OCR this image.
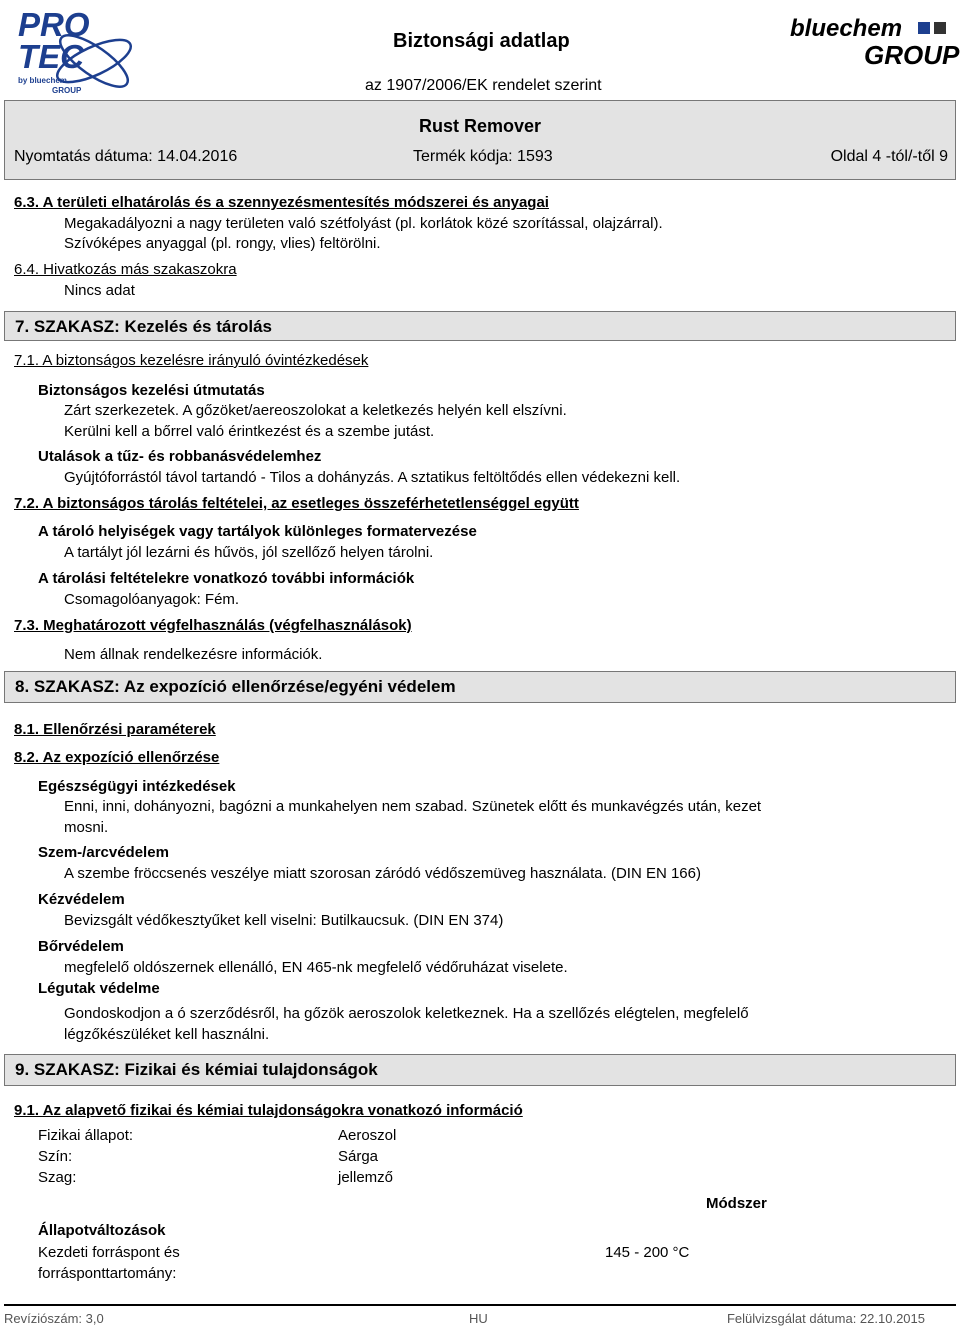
PRO
TEC
by bluechem
GROUP
Biztonsági adatlap	bluechem
GROUP
az 1907/2006/EK rendelet szerint
Rust Remover
Nyomtatás dátuma: 14.04.2016	Termék kódja: 1593	Oldal 4 -tól/-től 9
6.3. A területi elhatárolás és a szennyezésmentesítés módszerei és anyagai
Megakadályozni a nagy területen való szétfolyást (pl. korlátok közé szorítással, olajzárral).
Szívóképes anyaggal (pl. rongy, vlies) feltörölni.
6.4. Hivatkozás más szakaszokra
Nincs adat
7. SZAKASZ: Kezelés és tárolás
7.1. A biztonságos kezelésre irányuló óvintézkedések
Biztonságos kezelési útmutatás
Zárt szerkezetek. A gőzöket/aereoszolokat a keletkezés helyén kell elszívni.
Kerülni kell a bőrrel való érintkezést és a szembe jutást.
Utalások a tűz- és robbanásvédelemhez
Gyújtóforrástól távol tartandó - Tilos a dohányzás. A sztatikus feltöltődés ellen védekezni kell.
7.2. A biztonságos tárolás feltételei, az esetleges összeférhetetlenséggel együtt
A tároló helyiségek vagy tartályok különleges formatervezése
A tartályt jól lezárni és hűvös, jól szellőző helyen tárolni.
A tárolási feltételekre vonatkozó további információk
Csomagolóanyagok: Fém.
7.3. Meghatározott végfelhasználás (végfelhasználások)
Nem állnak rendelkezésre információk.
8. SZAKASZ: Az expozíció ellenőrzése/egyéni védelem
8.1. Ellenőrzési paraméterek
8.2. Az expozíció ellenőrzése
Egészségügyi intézkedések
Enni, inni, dohányozni, bagózni a munkahelyen nem szabad. Szünetek előtt és munkavégzés után, kezet
mosni.
Szem-/arcvédelem
A szembe fröccsenés veszélye miatt szorosan záródó védőszemüveg használata. (DIN EN 166)
Kézvédelem
Bevizsgált védőkesztyűket kell viselni: Butilkaucsuk. (DIN EN 374)
Bőrvédelem
megfelelő oldószernek ellenálló, EN 465-nk megfelelő védőruházat viselete.
Légutak védelme
Gondoskodjon a ó szerződésről, ha gőzök aeroszolok keletkeznek. Ha a szellőzés elégtelen, megfelelő
légzőkészüléket kell használni.
9. SZAKASZ: Fizikai és kémiai tulajdonságok
9.1. Az alapvető fizikai és kémiai tulajdonságokra vonatkozó információ
Fizikai állapot:	Aeroszol
Szín:	Sárga
Szag:	jellemző
Módszer
Állapotváltozások
Kezdeti forráspont és
forrásponttartomány:
145 - 200 °C
Revíziószám: 3,0	HU	Felülvizsgálat dátuma: 22.10.2015
